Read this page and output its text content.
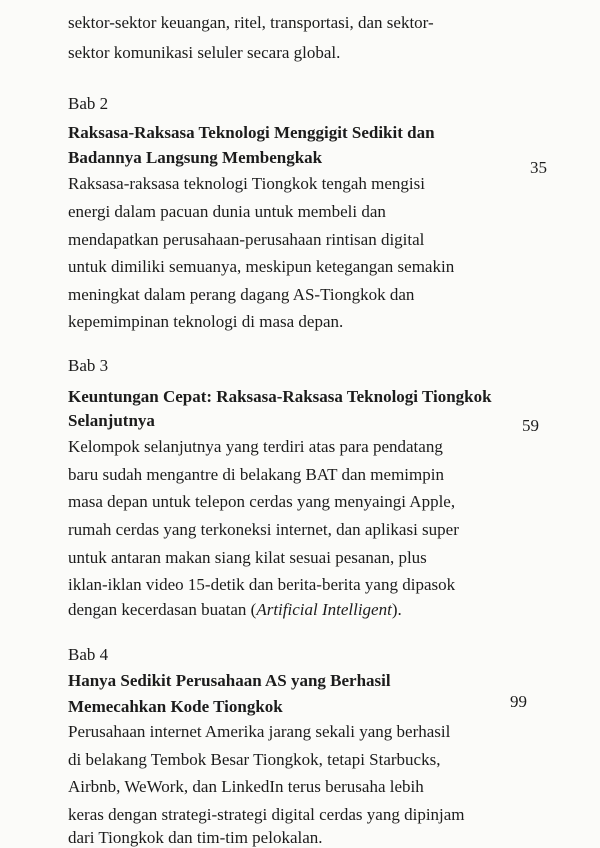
sektor-sektor keuangan, ritel, transportasi, dan sektor-

sektor komunikasi seluler secara global.

Bab 2

Raksasa-Raksasa Teknologi Menggigit Sedikit dan

Badannya Langsung Membengkak

35

Raksasa-raksasa teknologi Tiongkok tengah mengisi

energi dalam pacuan dunia untuk membeli dan

mendapatkan perusahaan-perusahaan rintisan digital

untuk dimiliki semuanya, meskipun ketegangan semakin

meningkat dalam perang dagang AS-Tiongkok dan

kepemimpinan teknologi di masa depan.

Bab 3

Keuntungan Cepat: Raksasa-Raksasa Teknologi Tiongkok

Selanjutnya	59

Kelompok selanjutnya yang terdiri atas para pendatang

baru sudah mengantre di belakang BAT dan memimpin

masa depan untuk telepon cerdas yang menyaingi Apple,

rumah cerdas yang terkoneksi internet, dan aplikasi super

untuk antaran makan siang kilat sesuai pesanan, plus

iklan-iklan video 15-detik dan berita-berita yang dipasok

dengan kecerdasan buatan (Artificial Intelligent).

Bab 4

Hanya Sedikit Perusahaan AS yang Berhasil

Memecahkan Kode Tiongkok	99

Perusahaan internet Amerika jarang sekali yang berhasil

di belakang Tembok Besar Tiongkok, tetapi Starbucks,

Airbnb, WeWork, dan LinkedIn terus berusaha lebih

keras dengan strategi-strategi digital cerdas yang dipinjam

dari Tiongkok dan tim-tim pelokalan.
